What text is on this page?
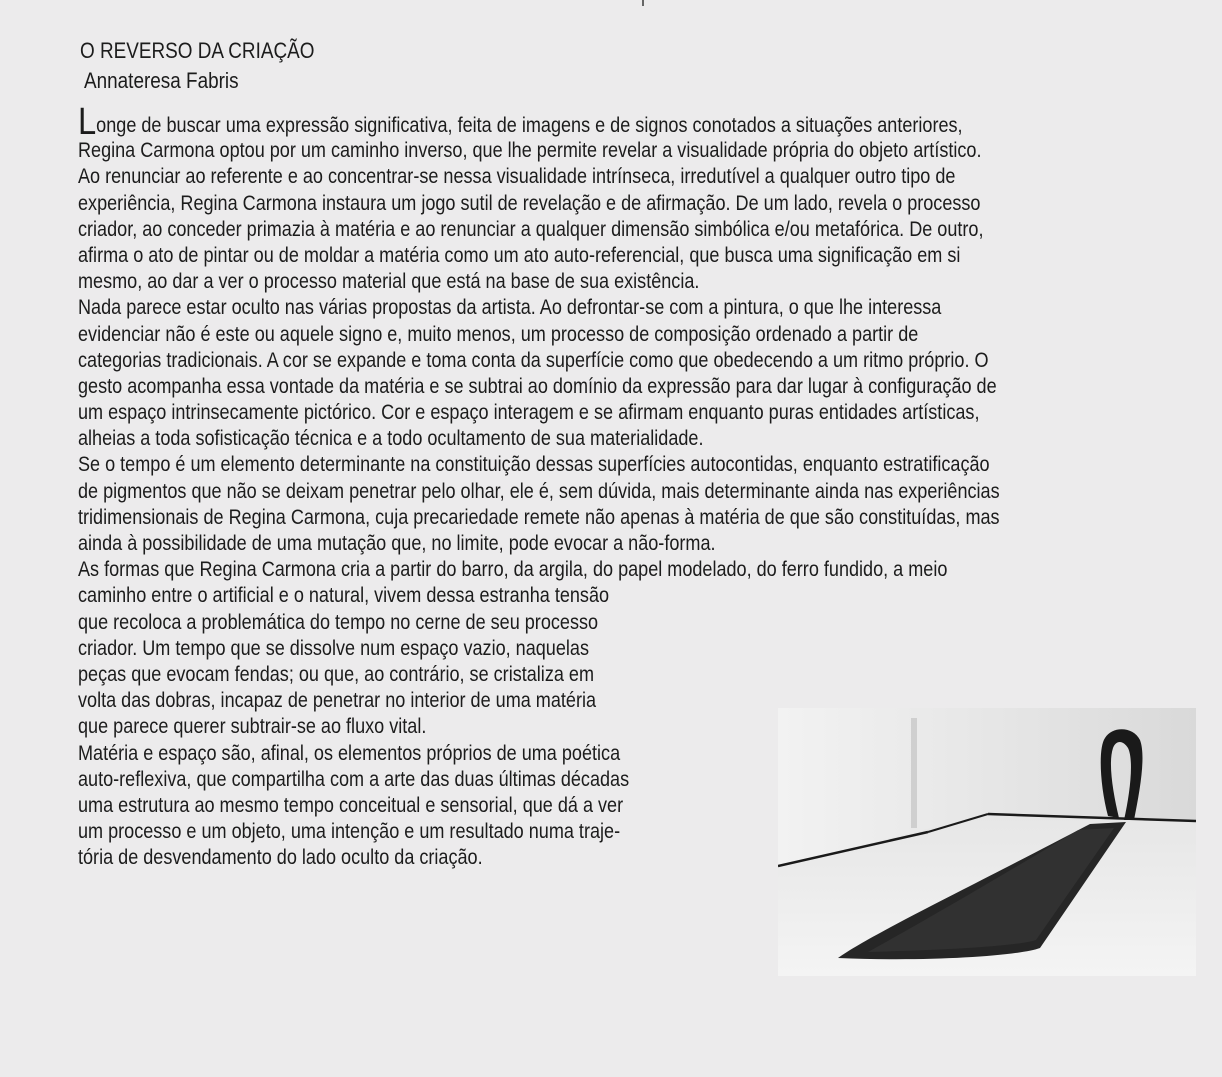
O REVERSO DA CRIAÇÃO
Annateresa Fabris
Longe de buscar uma expressão significativa, feita de imagens e de signos conotados a situações anteriores,
Regina Carmona optou por um caminho inverso, que lhe permite revelar a visualidade própria do objeto artístico.
Ao renunciar ao referente e ao concentrar-se nessa visualidade intrínseca, irredutível a qualquer outro tipo de
experiência, Regina Carmona instaura um jogo sutil de revelação e de afirmação. De um lado, revela o processo
criador, ao conceder primazia à matéria e ao renunciar a qualquer dimensão simbólica e/ou metafórica. De outro,
afirma o ato de pintar ou de moldar a matéria como um ato auto-referencial, que busca uma significação em si
mesmo, ao dar a ver o processo material que está na base de sua existência.
Nada parece estar oculto nas várias propostas da artista. Ao defrontar-se com a pintura, o que lhe interessa
evidenciar não é este ou aquele signo e, muito menos, um processo de composição ordenado a partir de
categorias tradicionais. A cor se expande e toma conta da superfície como que obedecendo a um ritmo próprio. O
gesto acompanha essa vontade da matéria e se subtrai ao domínio da expressão para dar lugar à configuração de
um espaço intrinsecamente pictórico. Cor e espaço interagem e se afirmam enquanto puras entidades artísticas,
alheias a toda sofisticação técnica e a todo ocultamento de sua materialidade.
Se o tempo é um elemento determinante na constituição dessas superfícies autocontidas, enquanto estratificação
de pigmentos que não se deixam penetrar pelo olhar, ele é, sem dúvida, mais determinante ainda nas experiências
tridimensionais de Regina Carmona, cuja precariedade remete não apenas à matéria de que são constituídas, mas
ainda à possibilidade de uma mutação que, no limite, pode evocar a não-forma.
As formas que Regina Carmona cria a partir do barro, da argila, do papel modelado, do ferro fundido, a meio
caminho entre o artificial e o natural, vivem dessa estranha tensão
que recoloca a problemática do tempo no cerne de seu processo
criador. Um tempo que se dissolve num espaço vazio, naquelas
peças que evocam fendas; ou que, ao contrário, se cristaliza em
volta das dobras, incapaz de penetrar no interior de uma matéria
que parece querer subtrair-se ao fluxo vital.
Matéria e espaço são, afinal, os elementos próprios de uma poética
auto-reflexiva, que compartilha com a arte das duas últimas décadas
uma estrutura ao mesmo tempo conceitual e sensorial, que dá a ver
um processo e um objeto, uma intenção e um resultado numa traje-
tória de desvendamento do lado oculto da criação.
